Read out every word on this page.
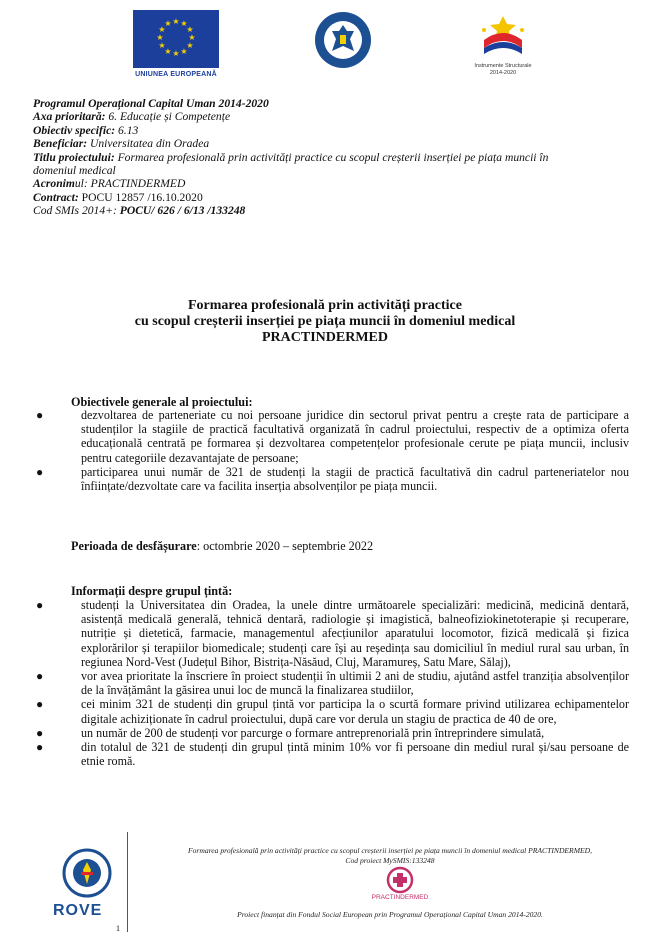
★ ★
★
★
★
★
★
★
★
★
★
★
UNIUNEA EUROPEANĂ
Instrumente Structurale
2014-2020
Programul Operațional Capital Uman 2014-2020
Axa prioritară: 6. Educație și Competențe
Obiectiv specific: 6.13
Beneficiar: Universitatea din Oradea
Titlu proiectului: Formarea profesională prin activități practice cu scopul creșterii inserției pe piața muncii în
domeniul medical
Acronimul: PRACTINDERMED
Contract: POCU 12857 /16.10.2020
Cod SMIs 2014+: POCU/ 626 / 6/13 /133248
Formarea profesională prin activități practice
cu scopul creșterii inserției pe piața muncii în domeniul medical
PRACTINDERMED
Obiectivele generale al proiectului:
●	dezvoltarea de parteneriate cu noi persoane juridice din sectorul privat pentru a crește rata de participare a studenților la stagiile de practică facultativă organizată în cadrul proiectului, respectiv de a optimiza oferta educațională centrată pe formarea și dezvoltarea competențelor profesionale cerute pe piața muncii, inclusiv pentru categoriile dezavantajate de persoane;
●	participarea unui număr de 321 de studenți la stagii de practică facultativă din cadrul parteneriatelor nou înființate/dezvoltate care va facilita inserția absolvenților pe piața muncii.
Perioada de desfășurare: octombrie 2020 – septembrie 2022
Informații despre grupul țintă:
●	studenți la Universitatea din Oradea, la unele dintre următoarele specializări: medicină, medicină dentară, asistență medicală generală, tehnică dentară, radiologie și imagistică, balneofiziokinetoterapie și recuperare, nutriție și dietetică, farmacie, managementul afecțiunilor aparatului locomotor, fizică medicală și fizica explorărilor și terapiilor biomedicale; studenți care își au reședința sau domiciliul în mediul rural sau urban, în regiunea Nord-Vest (Județul Bihor, Bistrița-Năsăud, Cluj, Maramureș, Satu Mare, Sălaj),
●	vor avea prioritate la înscriere în proiect studenții în ultimii 2 ani de studiu, ajutând astfel tranziția absolvenților de la învățământ la găsirea unui loc de muncă la finalizarea studiilor,
●	cei minim 321 de studenți din grupul țintă vor participa la o scurtă formare privind utilizarea echipamentelor digitale achiziționate în cadrul proiectului, după care vor derula un stagiu de practica de 40 de ore,
●	un număr de 200 de studenți vor parcurge o formare antreprenorială prin întreprindere simulată,
●	din totalul de 321 de studenți din grupul țintă minim 10% vor fi persoane din mediul rural și/sau persoane de etnie romă.
ROVE
1
Formarea profesională prin activități practice cu scopul creșterii inserției pe piața muncii în domeniul medical PRACTINDERMED,
Cod proiect MySMIS:133248
PRACTINDERMED
Proiect finanțat din Fondul Social European prin Programul Operațional Capital Uman 2014-2020.
